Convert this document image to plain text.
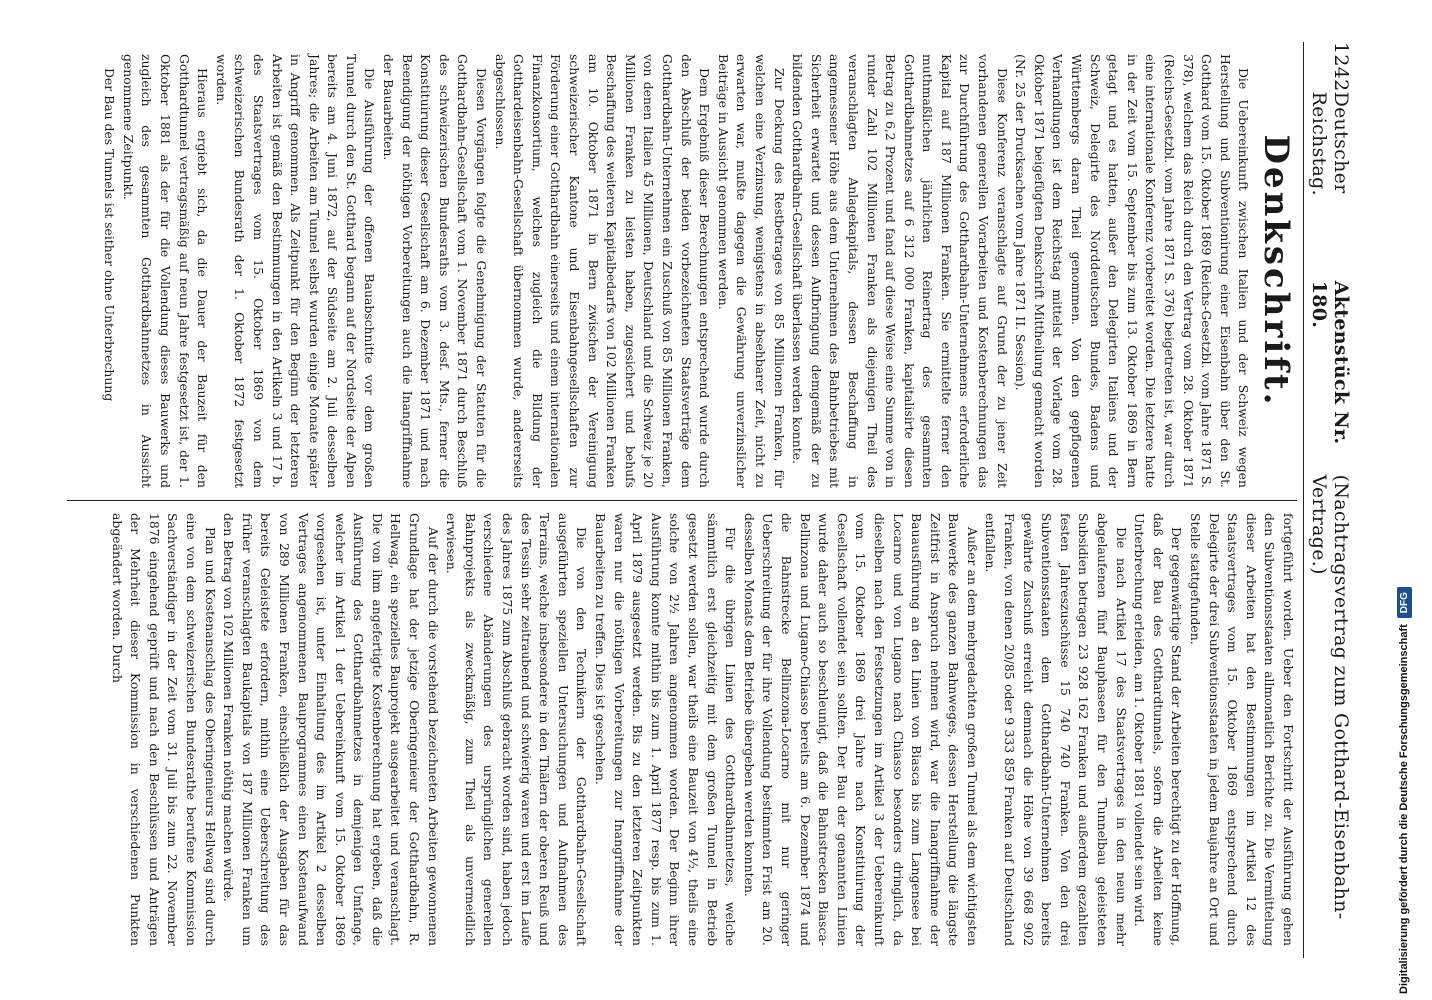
1242
Deutscher Reichstag.
Aktenstück Nr. 180.
(Nachtragsvertrag zum Gotthard-Eisenbahn-Vertrage.)
Denkschrift.

Die Uebereinkunft zwischen Italien und der Schweiz wegen Herstellung und Subventionirung einer Eisenbahn über den St. Gotthard vom 15. Oktober 1869 (Reichs-Gesetzbl. vom Jahre 1871 S. 378), welchem das Reich durch den Vertrag vom 28. Oktober 1871 (Reichs-Gesetzbl. vom Jahre 1871 S. 376) beigetreten ist, war durch eine internationale Konferenz vorbereitet worden. Die letztere hatte in der Zeit vom 15. September bis zum 13. Oktober 1869 in Bern getagt und es hatten, außer den Delegirten Italiens und der Schweiz, Delegirte des Norddeutschen Bundes, Badens und Württembergs daran Theil genommen. Von den gepflogenen Verhandlungen ist dem Reichstag mittelst der Vorlage vom 28. Oktober 1871 beigefügten Denkschrift Mittheilung gemacht worden (Nr. 25 der Drucksachen vom Jahre 1871 II. Session).

Diese Konferenz veranschlagte auf Grund der zu jener Zeit vorhandenen generellen Vorarbeiten und Kostenberechnungen das zur Durchführung des Gotthardbahn-Unternehmens erforderliche Kapital auf 187 Millionen Franken. Sie ermittelte ferner den muthmaßlichen jährlichen Reinertrag des gesammten Gotthardbahnnetzes auf 6 312 000 Franken, kapitalisirte diesen Betrag zu 6,2 Prozent und fand auf diese Weise eine Summe von in runder Zahl 102 Millionen Franken als diejenigen Theil des veranschlagten Anlagekapitals, dessen Beschaffung in angemessener Höhe aus dem Unternehmen des Bahnbetriebes mit Sicherheit erwartet und dessen Aufbringung demgemäß der zu bildenden Gotthardbahn-Gesellschaft überlassen werden konnte.

Zur Deckung des Restbetrages von 85 Millionen Franken, für welchen eine Verzinsung, wenigstens in absehbarer Zeit, nicht zu erwarten war, mußte dagegen die Gewährung unverzinslicher Beiträge in Aussicht genommen werden.

Dem Ergebniß dieser Berechnungen entsprechend wurde durch den Abschluß der beiden vorbezeichneten Staatsverträge dem Gotthardbahn-Unternehmen ein Zuschuß von 85 Millionen Franken, von denen Italien 45 Millionen, Deutschland und die Schweiz je 20 Millionen Franken zu leisten haben, zugesichert und behufs Beschaffung des weiteren Kapitalbedarfs von 102 Millionen Franken am 10. Oktober 1871 in Bern zwischen der Vereinigung schweizerischer Kantone und Eisenbahngesellschaften zur Förderung einer Gotthardbahn einerseits und einem internationalen Finanzkonsortium, welches zugleich die Bildung der Gotthardeisenbahn-Gesellschaft übernommen wurde, andererseits abgeschlossen.

Diesen Vorgängen folgte die Genehmigung der Statuten für die Gotthardbahn-Gesellschaft vom 1. November 1871 durch Beschluß des schweizerischen Bundesraths vom 3. desf. Mts., ferner die Konstituirung dieser Gesellschaft am 6. Dezember 1871 und nach Beendigung der nöthigen Vorbereitungen auch die Inangriffnahme der Bauarbeiten.

Die Ausführung der offenen Bauabschnitte vor dem großen Tunnel durch den St. Gotthard begann auf der Nordseite der Alpen bereits am 4. Juni 1872, auf der Südseite am 2. Juli desselben Jahres; die Arbeiten am Tunnel selbst wurden einige Monate später in Angriff genommen. Als Zeitpunkt für den Beginn der letzteren Arbeiten ist gemäß den Bestimmungen in den Artikeln 3 und 17 b. des Staatsvertrages vom 15. Oktober 1869 von dem schweizerischen Bundesrath der 1. Oktober 1872 festgesetzt worden.

Hieraus ergiebt sich, da die Dauer der Bauzeit für den Gotthardtunnel vertragsmäßig auf neun Jahre festgesetzt ist, der 1. Oktober 1881 als der für die Vollendung dieses Bauwerks und zugleich des gesammten Gotthardbahnnetzes in Aussicht genommene Zeitpunkt.

Der Bau des Tunnels ist seither ohne Unterbrechung

fortgeführt worden. Ueber den Fortschritt der Ausführung gehen den Subventionsstaaten allmonatlich Berichte zu. Die Vermittelung dieser Arbeiten hat den Bestimmungen im Artikel 12 des Staatsvertrages vom 15. Oktober 1869 entsprechend durch Delegirte der drei Subventionsstaaten in jedem Baujahre an Ort und Stelle stattgefunden.

Der gegenwärtige Stand der Arbeiten berechtigt zu der Hoffnung, daß der Bau des Gotthardtunnels, sofern die Arbeiten keine Unterbrechung erleiden, am 1. Oktober 1881 vollendet sein wird.

Die nach Artikel 17 des Staatsvertrages in den neun mehr abgelaufenen fünf Bauphaseen für den Tunnelbau geleisteten Subsidien betragen 23 928 162 Franken und außerdem gezahlten festen Jahreszuschüsse 15 740 740 Franken. Von den drei Subventionsstaaten dem Gotthardbahn-Unternehmen bereits gewährte Zuschuß erreicht demnach die Höhe von 39 668 902 Franken, von denen 20/85 oder 9 333 859 Franken auf Deutschland entfallen.

Außer an dem mehrgedachten großen Tunnel als dem wichtigsten Bauwerke des ganzen Bahnweges, dessen Herstellung die längste Zeitfrist in Anspruch nehmen wird, war die Inangriffnahme der Bauausführung an den Linien von Biasca bis zum Langensee bei Locarno und von Lugano nach Chiasso besonders dringlich, da dieselben nach den Festsetzungen im Artikel 3 der Uebereinkunft vom 15. Oktober 1869 drei Jahre nach Konstituirung der Gesellschaft vollendet sein sollten. Der Bau der genannten Linien wurde daher auch so beschleunigt, daß die Bahnstrecken Biasca-Bellinzona und Lugano-Chiasso bereits am 6. Dezember 1874 und die Bahnstrecke Bellinzona-Locarno mit nur geringer Ueberschreitung der für ihre Vollendung bestimmten Frist am 20. desselben Monats dem Betriebe übergeben werden konnten.

Für die übrigen Linien des Gotthardbahnnetzes, welche sämmtlich erst gleichzeitig mit dem großen Tunnel in Betrieb gesetzt werden sollen, war theils eine Bauzeit von 4½, theils eine solche von 2½ Jahren angenommen worden. Der Beginn ihrer Ausführung konnte mithin bis zum 1. April 1877 resp. bis zum 1. April 1879 ausgesetzt werden. Bis zu den letzteren Zeitpunkten waren nur die nöthigen Vorbereitungen zur Inangriffnahme der Bauarbeiten zu treffen. Dies ist geschehen.

Die von den Technikern der Gotthardbahn-Gesellschaft ausgeführten speziellen Untersuchungen und Aufnahmen des Terrains, welche insbesondere in den Thälern der oberen Reuß und des Tessin sehr zeitraubend und schwierig waren und erst im Laufe des Jahres 1875 zum Abschluß gebracht worden sind, haben jedoch verschiedene Abänderungen des ursprünglichen generellen Bahnprojekts als zweckmäßig, zum Theil als unvermeidlich erwiesen.

Auf der durch die vorstehend bezeichneten Arbeiten gewonnenen Grundlage hat der jetzige Oberingenieur der Gotthardbahn, R. Hellwag, ein spezielles Bauprojekt ausgearbeitet und veranschlagt. Die von ihm angefertigte Kostenberechnung hat ergeben, daß die Ausführung des Gotthardbahnnetzes in demjenigen Umfange, welcher im Artikel 1 der Uebereinkunft vom 15. Oktober 1869 vorgesehen ist, unter Einhaltung des im Artikel 2 desselben Vertrages angenommenen Bauprogrammes einen Kostenaufwand von 289 Millionen Franken, einschließlich der Ausgaben für das bereits Geleistete erfordern, mithin eine Ueberschreitung des früher veranschlagten Baukapitals von 187 Millionen Franken um den Betrag von 102 Millionen Franken nöthig machen würde.

Plan und Kostenanschlag des Oberingenieurs Hellwag sind durch eine von dem schweizerischen Bundesrathe berufene Kommission Sachverständiger in der Zeit vom 31. Juli bis zum 22. November 1876 eingehend geprüft und nach den Beschlüssen und Anträgen der Mehrheit dieser Kommission in verschiedenen Punkten abgeändert worden. Durch

Digitalisierung gefördert durch die Deutsche Forschungsgemeinschaft
DFG
